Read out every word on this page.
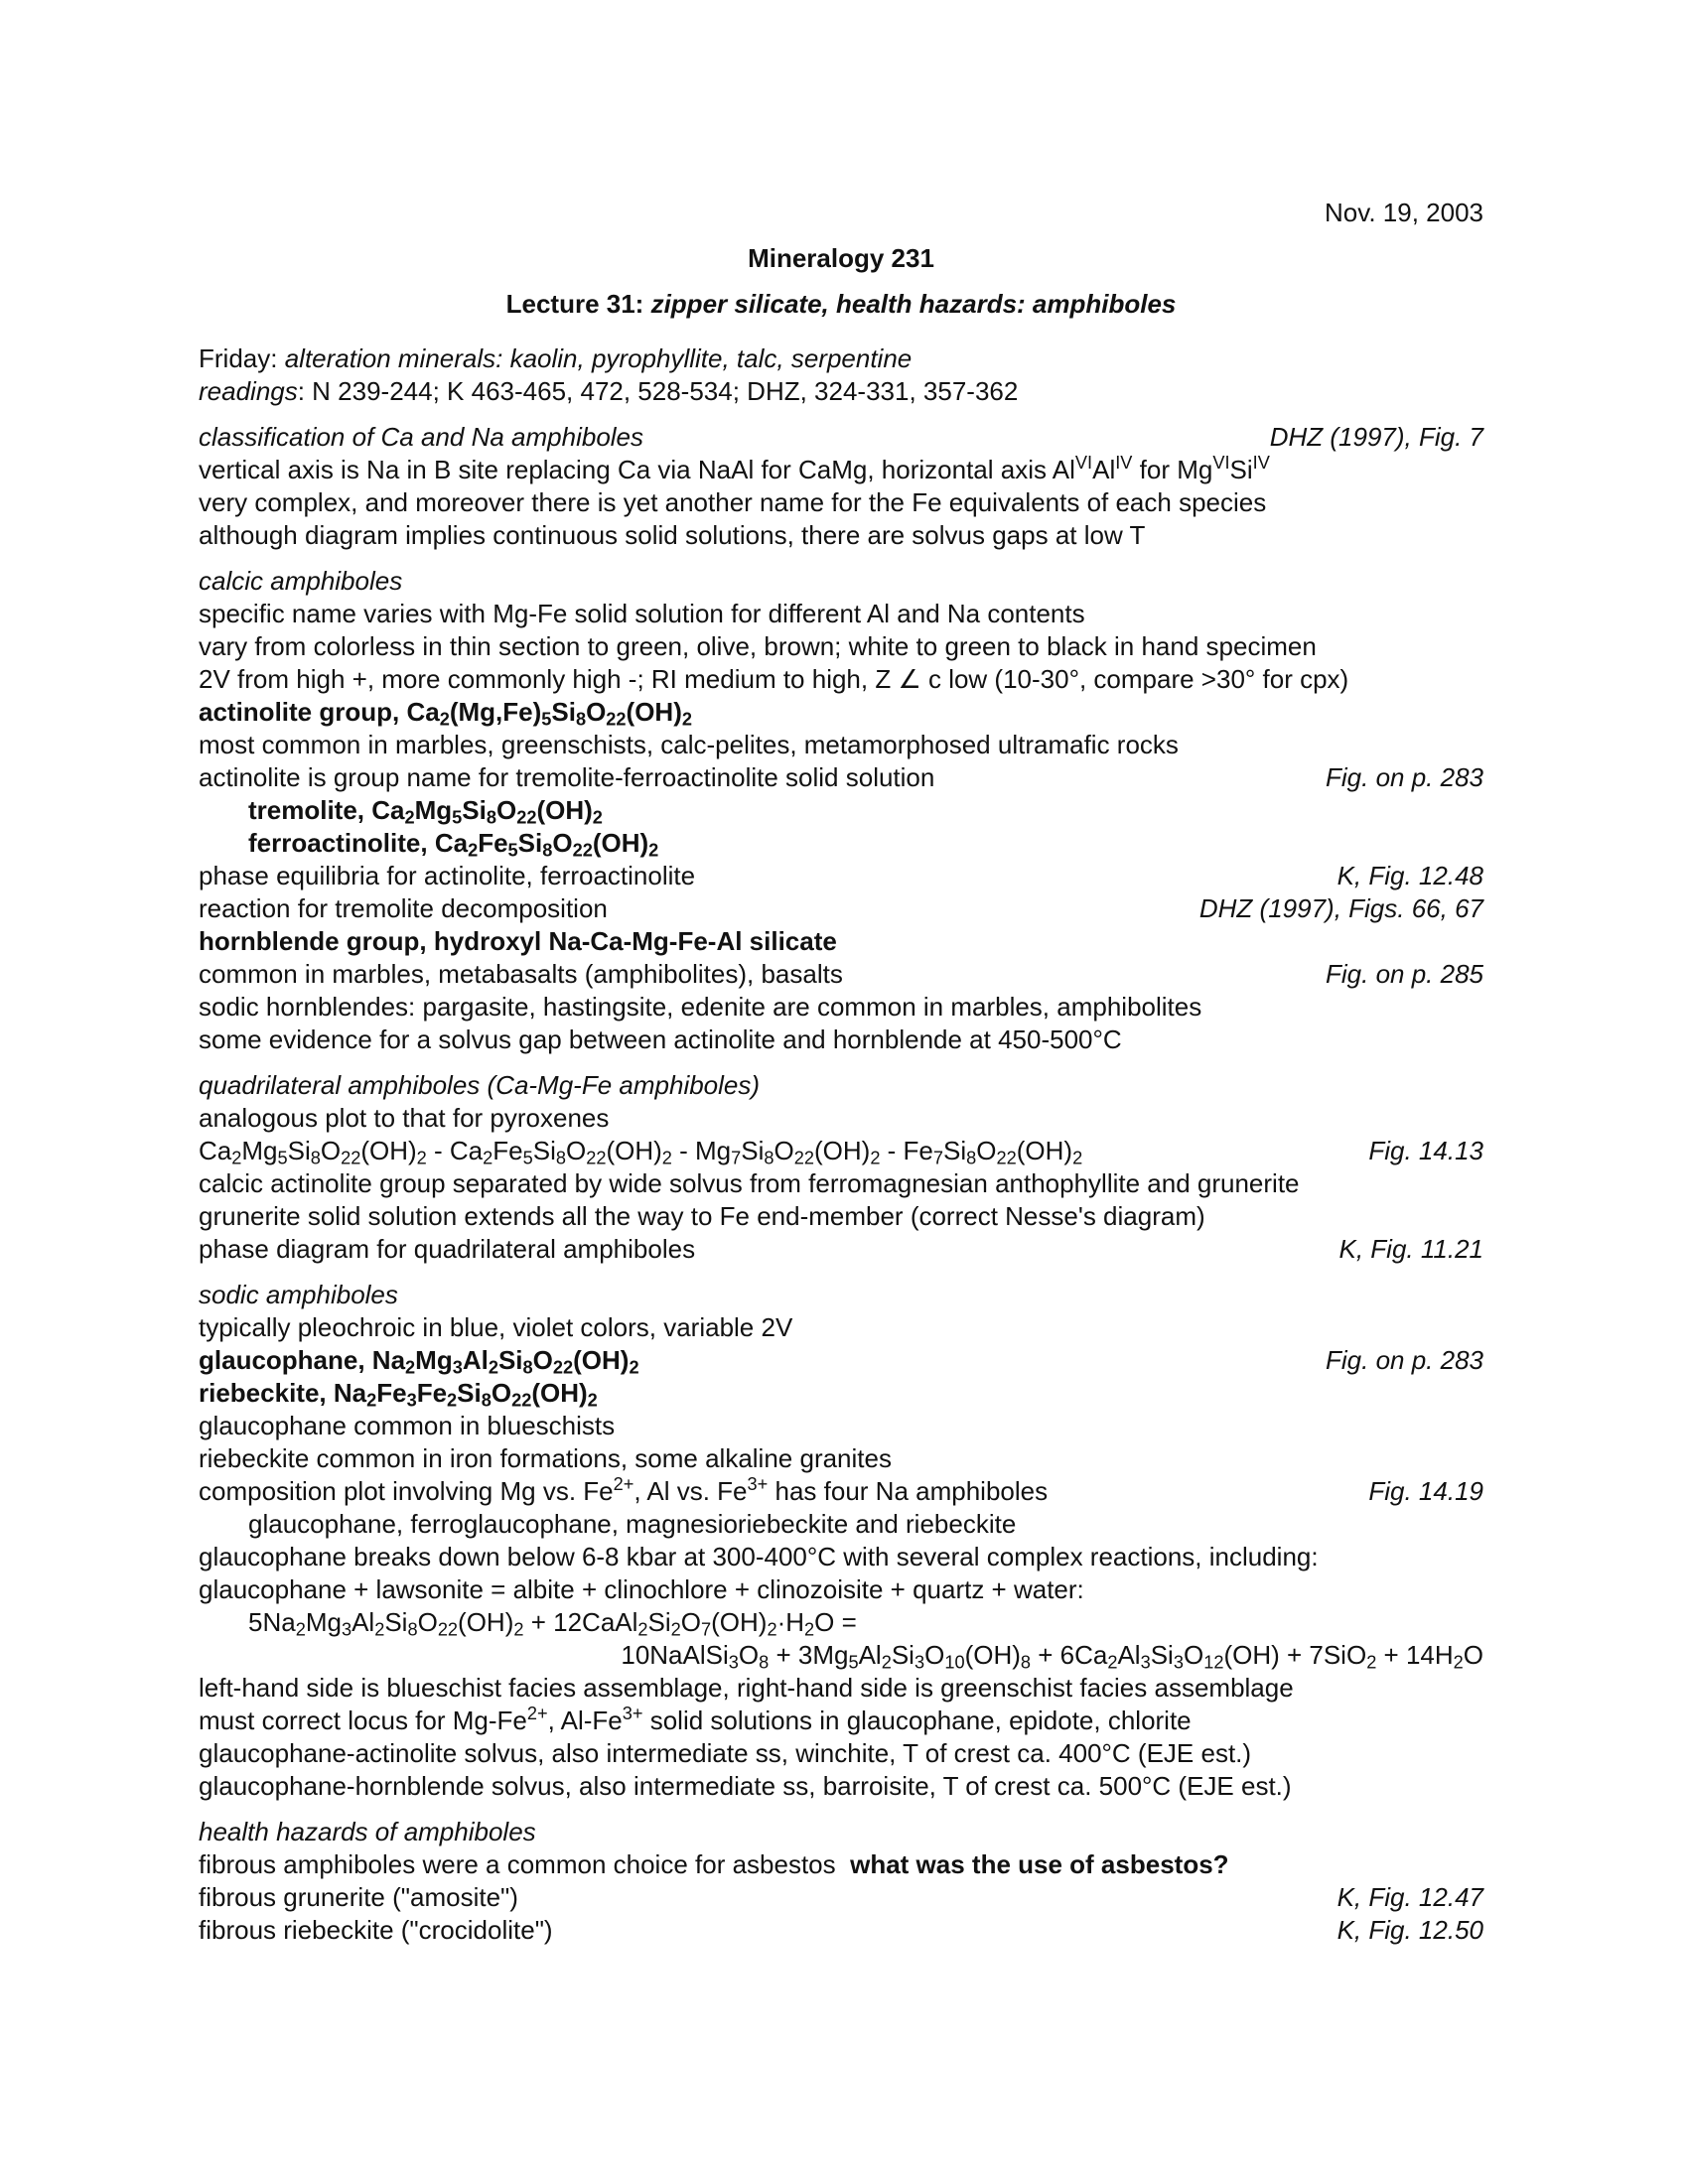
Nov. 19, 2003
Mineralogy 231
Lecture 31: zipper silicate, health hazards: amphiboles
Friday: alteration minerals: kaolin, pyrophyllite, talc, serpentine
readings: N 239-244; K 463-465, 472, 528-534; DHZ, 324-331, 357-362
classification of Ca and Na amphiboles	DHZ (1997), Fig. 7
vertical axis is Na in B site replacing Ca via NaAl for CaMg, horizontal axis $Al^{VI}Al^{IV}$ for $Mg^{VI}Si^{IV}$
very complex, and moreover there is yet another name for the Fe equivalents of each species
although diagram implies continuous solid solutions, there are solvus gaps at low T
calcic amphiboles
specific name varies with Mg-Fe solid solution for different Al and Na contents
vary from colorless in thin section to green, olive, brown; white to green to black in hand specimen
2V from high +, more commonly high -; RI medium to high, Z ∠ c low (10-30°, compare >30° for cpx)
actinolite group, $Ca_2(Mg,Fe)_5Si_8O_{22}(OH)_2$
most common in marbles, greenschists, calc-pelites, metamorphosed ultramafic rocks
actinolite is group name for tremolite-ferroactinolite solid solution	Fig. on p. 283
tremolite, $Ca_2Mg_5Si_8O_{22}(OH)_2$
ferroactinolite, $Ca_2Fe_5Si_8O_{22}(OH)_2$
phase equilibria for actinolite, ferroactinolite	K, Fig. 12.48
reaction for tremolite decomposition	DHZ (1997), Figs. 66, 67
hornblende group, hydroxyl Na-Ca-Mg-Fe-Al silicate
common in marbles, metabasalts (amphibolites), basalts	Fig. on p. 285
sodic hornblendes: pargasite, hastingsite, edenite are common in marbles, amphibolites
some evidence for a solvus gap between actinolite and hornblende at 450-500°C
quadrilateral amphiboles (Ca-Mg-Fe amphiboles)
analogous plot to that for pyroxenes
$Ca_2Mg_5Si_8O_{22}(OH)_2 - Ca_2Fe_5Si_8O_{22}(OH)_2 - Mg_7Si_8O_{22}(OH)_2 - Fe_7Si_8O_{22}(OH)_2$	Fig. 14.13
calcic actinolite group separated by wide solvus from ferromagnesian anthophyllite and grunerite
grunerite solid solution extends all the way to Fe end-member (correct Nesse's diagram)
phase diagram for quadrilateral amphiboles	K, Fig. 11.21
sodic amphiboles
typically pleochroic in blue, violet colors, variable 2V
glaucophane, $Na_2Mg_3Al_2Si_8O_{22}(OH)_2$	Fig. on p. 283
riebeckite, $Na_2Fe_3Fe_2Si_8O_{22}(OH)_2$
glaucophane common in blueschists
riebeckite common in iron formations, some alkaline granites
composition plot involving Mg vs. $Fe^{2+}$, Al vs. $Fe^{3+}$ has four Na amphiboles	Fig. 14.19
glaucophane, ferroglaucophane, magnesioriebeckite and riebeckite
glaucophane breaks down below 6-8 kbar at 300-400°C with several complex reactions, including:
glaucophane + lawsonite = albite + clinochlore + clinozoisite + quartz + water:
$5Na_2Mg_3Al_2Si_8O_{22}(OH)_2$ + $12CaAl_2Si_2O_7(OH)_2\cdot H_2O$ =
$10NaAlSi_3O_8 + 3Mg_5Al_2Si_3O_{10}(OH)_8 + 6Ca_2Al_3Si_3O_{12}(OH) + 7SiO_2 + 14H_2O$
left-hand side is blueschist facies assemblage, right-hand side is greenschist facies assemblage
must correct locus for $Mg-Fe^{2+}$, $Al-Fe^{3+}$ solid solutions in glaucophane, epidote, chlorite
glaucophane-actinolite solvus, also intermediate ss, winchite, T of crest ca. 400°C (EJE est.)
glaucophane-hornblende solvus, also intermediate ss, barroisite, T of crest ca. 500°C (EJE est.)
health hazards of amphiboles
fibrous amphiboles were a common choice for asbestos what was the use of asbestos?
fibrous grunerite ("amosite")	K, Fig. 12.47
fibrous riebeckite ("crocidolite")	K, Fig. 12.50
